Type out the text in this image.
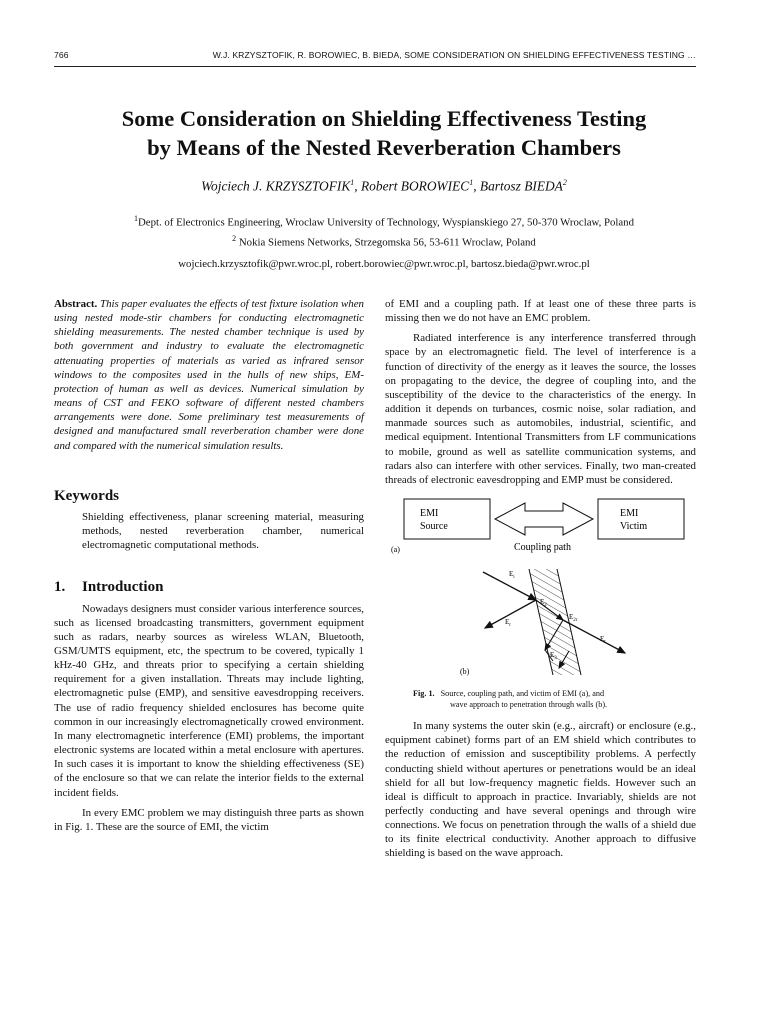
766	W.J. KRZYSZTOFIK, R. BOROWIEC, B. BIEDA, SOME CONSIDERATION ON SHIELDING EFFECTIVENESS TESTING …
Some Consideration on Shielding Effectiveness Testing
by Means of the Nested Reverberation Chambers
Wojciech J. KRZYSZTOFIK$^1$, Robert BOROWIEC$^1$, Bartosz BIEDA$^2$
$^1$Dept. of Electronics Engineering, Wroclaw University of Technology, Wyspianskiego 27, 50-370 Wroclaw, Poland
$^2$ Nokia Siemens Networks, Strzegomska 56, 53-611 Wroclaw, Poland
wojciech.krzysztofik@pwr.wroc.pl, robert.borowiec@pwr.wroc.pl, bartosz.bieda@pwr.wroc.pl

Abstract. This paper evaluates the effects of test fixture isolation when using nested mode-stir chambers for conducting electromagnetic shielding measurements. The nested chamber technique is used by both government and industry to evaluate the electromagnetic attenuating properties of materials as varied as infrared sensor windows to the composites used in the hulls of new ships, EM-protection of human as well as devices. Numerical simulation by means of CST and FEKO software of different nested chambers arrangements were done. Some preliminary test measurements of designed and manufactured small reverberation chamber were done and compared with the numerical simulation results.

Keywords

Shielding effectiveness, planar screening material, measuring methods, nested reverberation chamber, numerical electromagnetic computational methods.

1. Introduction

Nowadays designers must consider various interference sources, such as licensed broadcasting transmitters, government equipment such as radars, nearby sources as wireless WLAN, Bluetooth, GSM/UMTS equipment, etc, the spectrum to be covered, typically 1 kHz-40 GHz, and threats prior to specifying a certain shielding requirement for a given installation. Threats may include lighting, electromagnetic pulse (EMP), and sensitive eavesdropping receivers. The use of radio frequency shielded enclosures has become quite common in our increasingly electromagnetically crowed environment. In many electromagnetic interference (EMI) problems, the important electronic systems are located within a metal enclosure with apertures. In such cases it is important to know the shielding effectiveness (SE) of the enclosure so that we can relate the interior fields to the external incident fields.

In every EMC problem we may distinguish three parts as shown in Fig. 1. These are the source of EMI, the victim

of EMI and a coupling path. If at least one of these three parts is missing then we do not have an EMC problem.

Radiated interference is any interference transferred through space by an electromagnetic field. The level of interference is a function of directivity of the energy as it leaves the source, the losses on propagating to the device, the degree of coupling into, and the susceptibility of the device to the characteristics of the energy. In addition it depends on turbances, cosmic noise, solar radiation, and manmade sources such as automobiles, industrial, scientific, and medical equipment. Intentional Transmitters from LF communications to mobile, ground as well as satellite communication systems, and radars also can interfere with other services. Finally, two man-created threads of electronic eavesdropping and EMP must be considered.

EMI
Source
EMI
Victim
Coupling path
(a)
$E_i$
$E_2$
$E_r$
$E_{2r}$
$E_3$
$E_t$
(b)
Fig. 1. Source, coupling path, and victim of EMI (a), and
wave approach to penetration through walls (b).

In many systems the outer skin (e.g., aircraft) or enclosure (e.g., equipment cabinet) forms part of an EM shield which contributes to the reduction of emission and susceptibility problems. A perfectly conducting shield without apertures or penetrations would be an ideal shield for all but low-frequency magnetic fields. However such an ideal is difficult to approach in practice. Invariably, shields are not perfectly conducting and have several openings and through wire connections. We focus on penetration through the walls of a shield due to its finite electrical conductivity. Another approach to diffusive shielding is based on the wave approach.
